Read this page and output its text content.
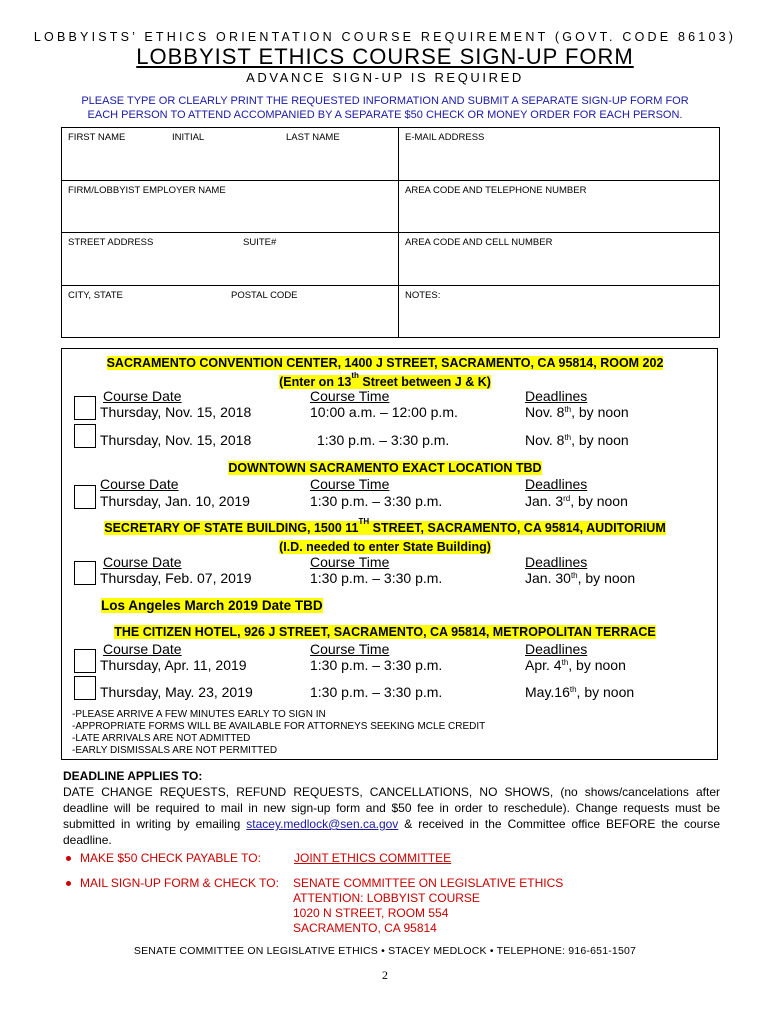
LOBBYISTS’ ETHICS ORIENTATION COURSE REQUIREMENT (GOVT. CODE 86103)
LOBBYIST ETHICS COURSE SIGN-UP FORM
ADVANCE SIGN-UP IS REQUIRED
PLEASE TYPE OR CLEARLY PRINT THE REQUESTED INFORMATION AND SUBMIT A SEPARATE SIGN-UP FORM FOR
EACH PERSON TO ATTEND ACCOMPANIED BY A SEPARATE $50 CHECK OR MONEY ORDER FOR EACH PERSON.
FIRST NAME INITIAL LAST NAME	E-MAIL ADDRESS
FIRM/LOBBYIST EMPLOYER NAME	AREA CODE AND TELEPHONE NUMBER

STREET ADDRESS SUITE#	AREA CODE AND CELL NUMBER

CITY, STATE POSTAL CODE	NOTES:
SACRAMENTO CONVENTION CENTER, 1400 J STREET, SACRAMENTO, CA 95814, ROOM 202
(Enter on 13th Street between J & K)
Course Date	Course Time	Deadlines
Thursday, Nov. 15, 2018	10:00 a.m. – 12:00 p.m.	Nov. 8th, by noon
Thursday, Nov. 15, 2018	1:30 p.m. – 3:30 p.m.	Nov. 8th, by noon
DOWNTOWN SACRAMENTO EXACT LOCATION TBD
Course Date	Course Time	Deadlines
Thursday, Jan. 10, 2019	1:30 p.m. – 3:30 p.m.	Jan. 3rd, by noon
SECRETARY OF STATE BUILDING, 1500 11TH STREET, SACRAMENTO, CA 95814, AUDITORIUM
(I.D. needed to enter State Building)
Course Date	Course Time	Deadlines
Thursday, Feb. 07, 2019	1:30 p.m. – 3:30 p.m.	Jan. 30th, by noon
Los Angeles March 2019 Date TBD
THE CITIZEN HOTEL, 926 J STREET, SACRAMENTO, CA 95814, METROPOLITAN TERRACE
Course Date	Course Time	Deadlines
Thursday, Apr. 11, 2019	1:30 p.m. – 3:30 p.m.	Apr. 4th, by noon
Thursday, May. 23, 2019	1:30 p.m. – 3:30 p.m.	May.16th, by noon
-PLEASE ARRIVE A FEW MINUTES EARLY TO SIGN IN
-APPROPRIATE FORMS WILL BE AVAILABLE FOR ATTORNEYS SEEKING MCLE CREDIT
-LATE ARRIVALS ARE NOT ADMITTED
-EARLY DISMISSALS ARE NOT PERMITTED
DEADLINE APPLIES TO:
DATE CHANGE REQUESTS, REFUND REQUESTS, CANCELLATIONS, NO SHOWS, (no shows/cancelations after deadline will be required to mail in new sign-up form and $50 fee in order to reschedule). Change requests must be submitted in writing by emailing stacey.medlock@sen.ca.gov & received in the Committee office BEFORE the course deadline.
MAKE $50 CHECK PAYABLE TO:	JOINT ETHICS COMMITTEE
MAIL SIGN-UP FORM & CHECK TO: SENATE COMMITTEE ON LEGISLATIVE ETHICS
ATTENTION: LOBBYIST COURSE
1020 N STREET, ROOM 554
SACRAMENTO, CA 95814
SENATE COMMITTEE ON LEGISLATIVE ETHICS • STACEY MEDLOCK • TELEPHONE: 916-651-1507
2
